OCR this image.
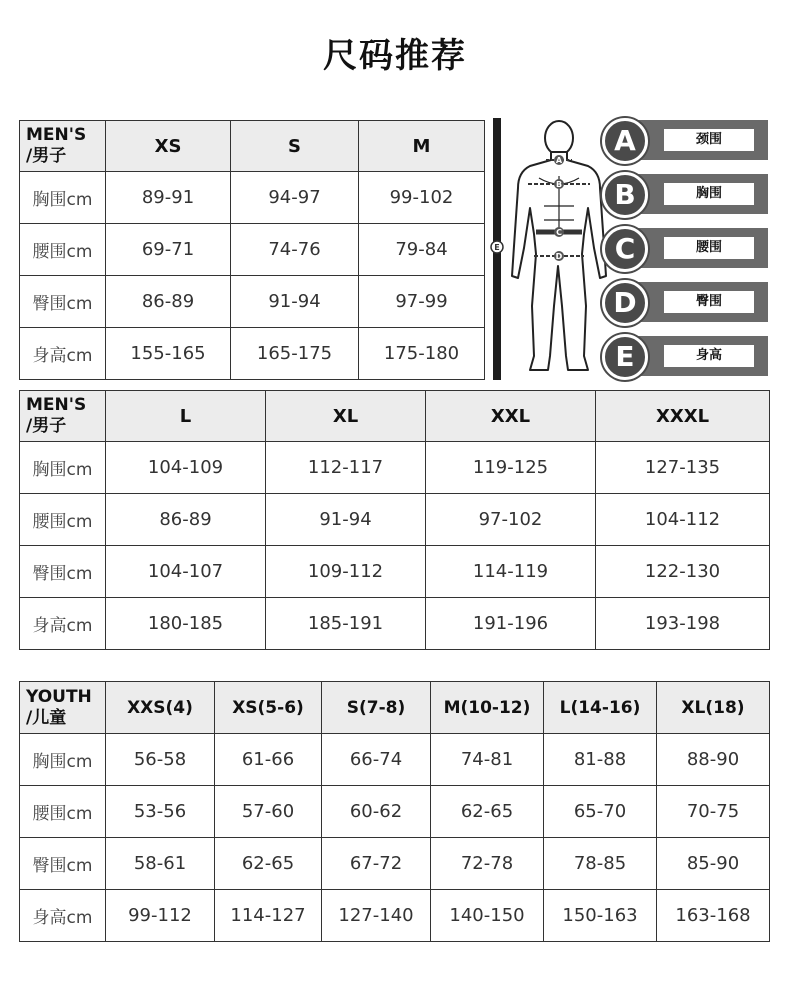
尺码推荐
MEN'S
/男子	XS	S	M
胸围cm	89-91	94-97	99-102
腰围cm	69-71	74-76	79-84
臀围cm	86-89	91-94	97-99
身高cm	155-165	165-175	175-180
A
B
C
D
E
A	颈围
B	胸围
C	腰围
D	臀围
E	身高
MEN'S
/男子	L	XL	XXL	XXXL
胸围cm	104-109	112-117	119-125	127-135
腰围cm	86-89	91-94	97-102	104-112
臀围cm	104-107	109-112	114-119	122-130
身高cm	180-185	185-191	191-196	193-198
YOUTH
/儿童	XXS(4)	XS(5-6)	S(7-8)	M(10-12)	L(14-16)	XL(18)
胸围cm	56-58	61-66	66-74	74-81	81-88	88-90
腰围cm	53-56	57-60	60-62	62-65	65-70	70-75
臀围cm	58-61	62-65	67-72	72-78	78-85	85-90
身高cm	99-112	114-127	127-140	140-150	150-163	163-168
